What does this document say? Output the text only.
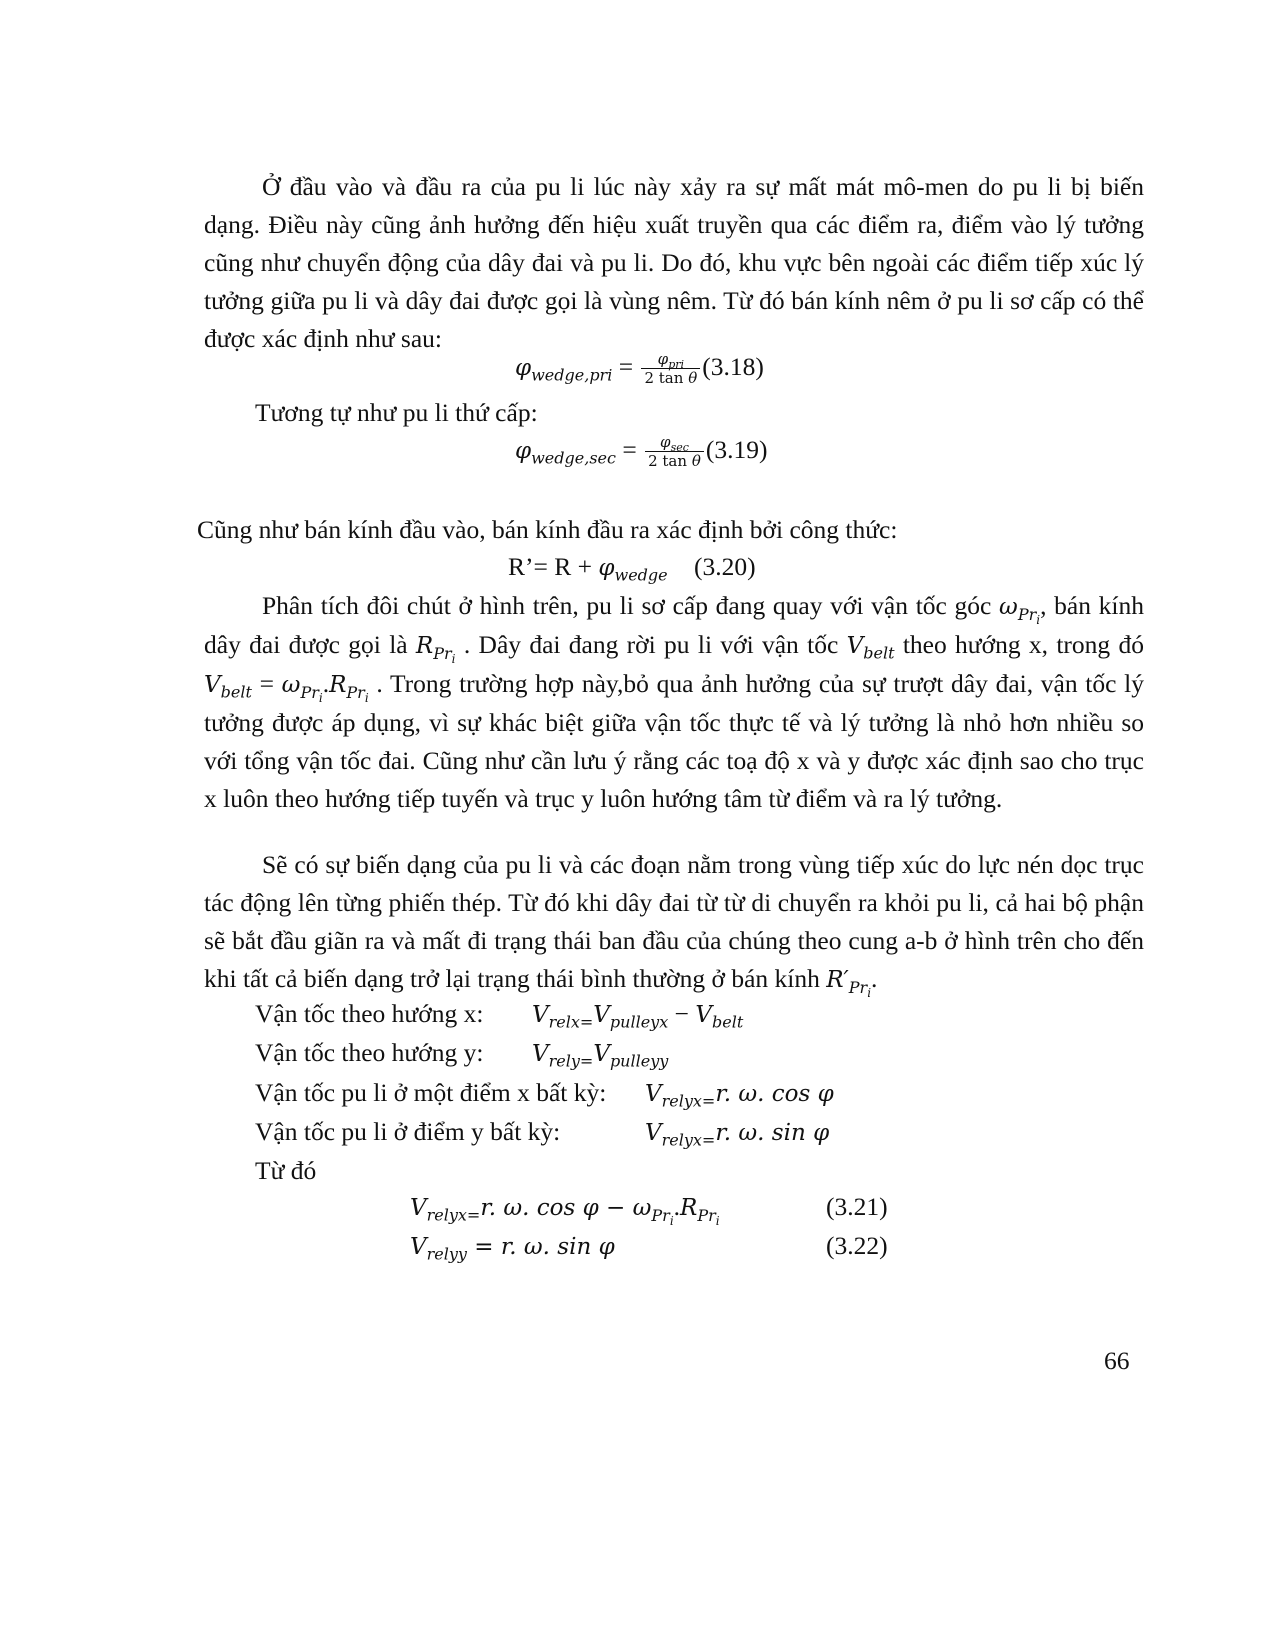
Ở đầu vào và đầu ra của pu li lúc này xảy ra sự mất mát mô-men do pu li bị biến dạng. Điều này cũng ảnh hưởng đến hiệu xuất truyền qua các điểm ra, điểm vào lý tưởng cũng như chuyển động của dây đai và pu li. Do đó, khu vực bên ngoài các điểm tiếp xúc lý tưởng giữa pu li và dây đai được gọi là vùng nêm. Từ đó bán kính nêm ở pu li sơ cấp có thể được xác định như sau:

$\varphi_{wedge,pri} = \frac{\varphi_{pri}}{\text{2 tan θ}} (3.18)$
Tương tự như pu li thứ cấp:
$\varphi_{wedge,sec} = \frac{\varphi_{sec}}{\text{2 tan θ}} (3.19)$
Cũng như bán kính đầu vào, bán kính đầu ra xác định bởi công thức:
R’= $R + \varphi_{wedge}$ (3.20)

Phân tích đôi chút ở hình trên, pu li sơ cấp đang quay với vận tốc góc $\omega_{Pr_i}$, bán kính dây đai được gọi là $R_{Pr_i}$ . Dây đai đang rời pu li với vận tốc $V_{belt}$ theo hướng x, trong đó $V_{belt} = \omega_{Pr_i}.R_{Pr_i}$ . Trong trường hợp này,bỏ qua ảnh hưởng của sự trượt dây đai, vận tốc lý tưởng được áp dụng, vì sự khác biệt giữa vận tốc thực tế và lý tưởng là nhỏ hơn nhiều so với tổng vận tốc đai. Cũng như cần lưu ý rằng các toạ độ x và y được xác định sao cho trục x luôn theo hướng tiếp tuyến và trục y luôn hướng tâm từ điểm và ra lý tưởng.

Sẽ có sự biến dạng của pu li và các đoạn nằm trong vùng tiếp xúc do lực nén dọc trục tác động lên từng phiến thép. Từ đó khi dây đai từ từ di chuyển ra khỏi pu li, cả hai bộ phận sẽ bắt đầu giãn ra và mất đi trạng thái ban đầu của chúng theo cung a-b ở hình trên cho đến khi tất cả biến dạng trở lại trạng thái bình thường ở bán kính $R'_{Pr_i}$.

Vận tốc theo hướng x: $V_{relx=}V_{pulleyx} - V_{belt}$
Vận tốc theo hướng y: $V_{rely=}V_{pulleyy}$
Vận tốc pu li ở một điểm x bất kỳ: $V_{relyx=}r$. ω. cos φ
Vận tốc pu li ở điểm y bất kỳ:	$V_{relyx=}r$. ω. sin φ
Từ đó
$V_{relyx=}r$. ω. $\cos \varphi - \omega_{Pr_i}.R_{Pr_i}$	(3.21)
$V_{relyy} = r$. ω. sin φ	(3.22)
66
